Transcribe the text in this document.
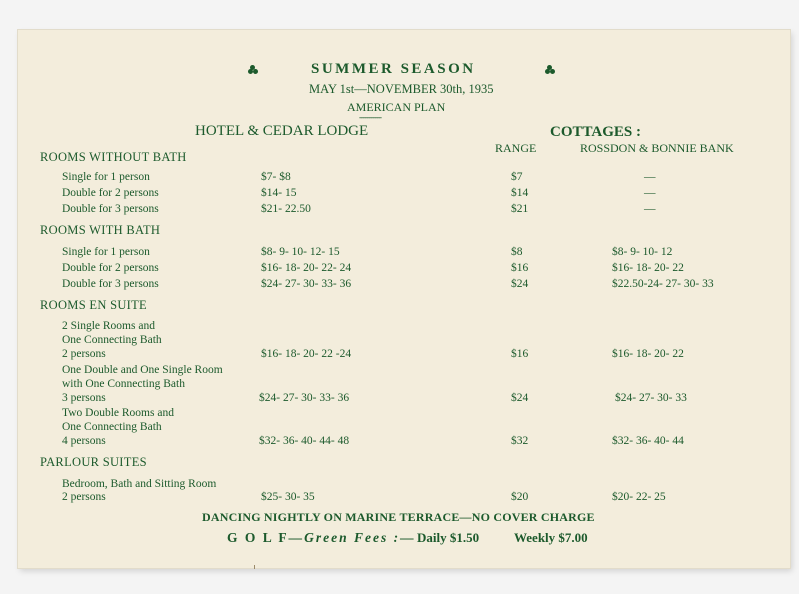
SUMMER SEASON
MAY 1st—NOVEMBER 30th, 1935
AMERICAN PLAN
-----------
HOTEL & CEDAR LODGE	COTTAGES :
RANGE	ROSSDON & BONNIE BANK
ROOMS WITHOUT BATH
Single for 1 person	$7- $8	$7	—
Double for 2 persons	$14- 15	$14	—
Double for 3 persons	$21- 22.50	$21	—
ROOMS WITH BATH
Single for 1 person	$8- 9- 10- 12- 15	$8	$8- 9- 10- 12
Double for 2 persons	$16- 18- 20- 22- 24	$16	$16- 18- 20- 22
Double for 3 persons	$24- 27- 30- 33- 36	$24	$22.50-24- 27- 30- 33
ROOMS EN SUITE
2 Single Rooms and
One Connecting Bath
2 persons	$16- 18- 20- 22 -24	$16	$16- 18- 20- 22
One Double and One Single Room
with One Connecting Bath
3 persons	$24- 27- 30- 33- 36	$24	$24- 27- 30- 33
Two Double Rooms and
One Connecting Bath
4 persons	$32- 36- 40- 44- 48	$32	$32- 36- 40- 44
PARLOUR SUITES
Bedroom, Bath and Sitting Room
2 persons	$25- 30- 35	$20	$20- 22- 25
DANCING NIGHTLY ON MARINE TERRACE—NO COVER CHARGE
G O L F—Green Fees :— Daily $1.50	Weekly $7.00
